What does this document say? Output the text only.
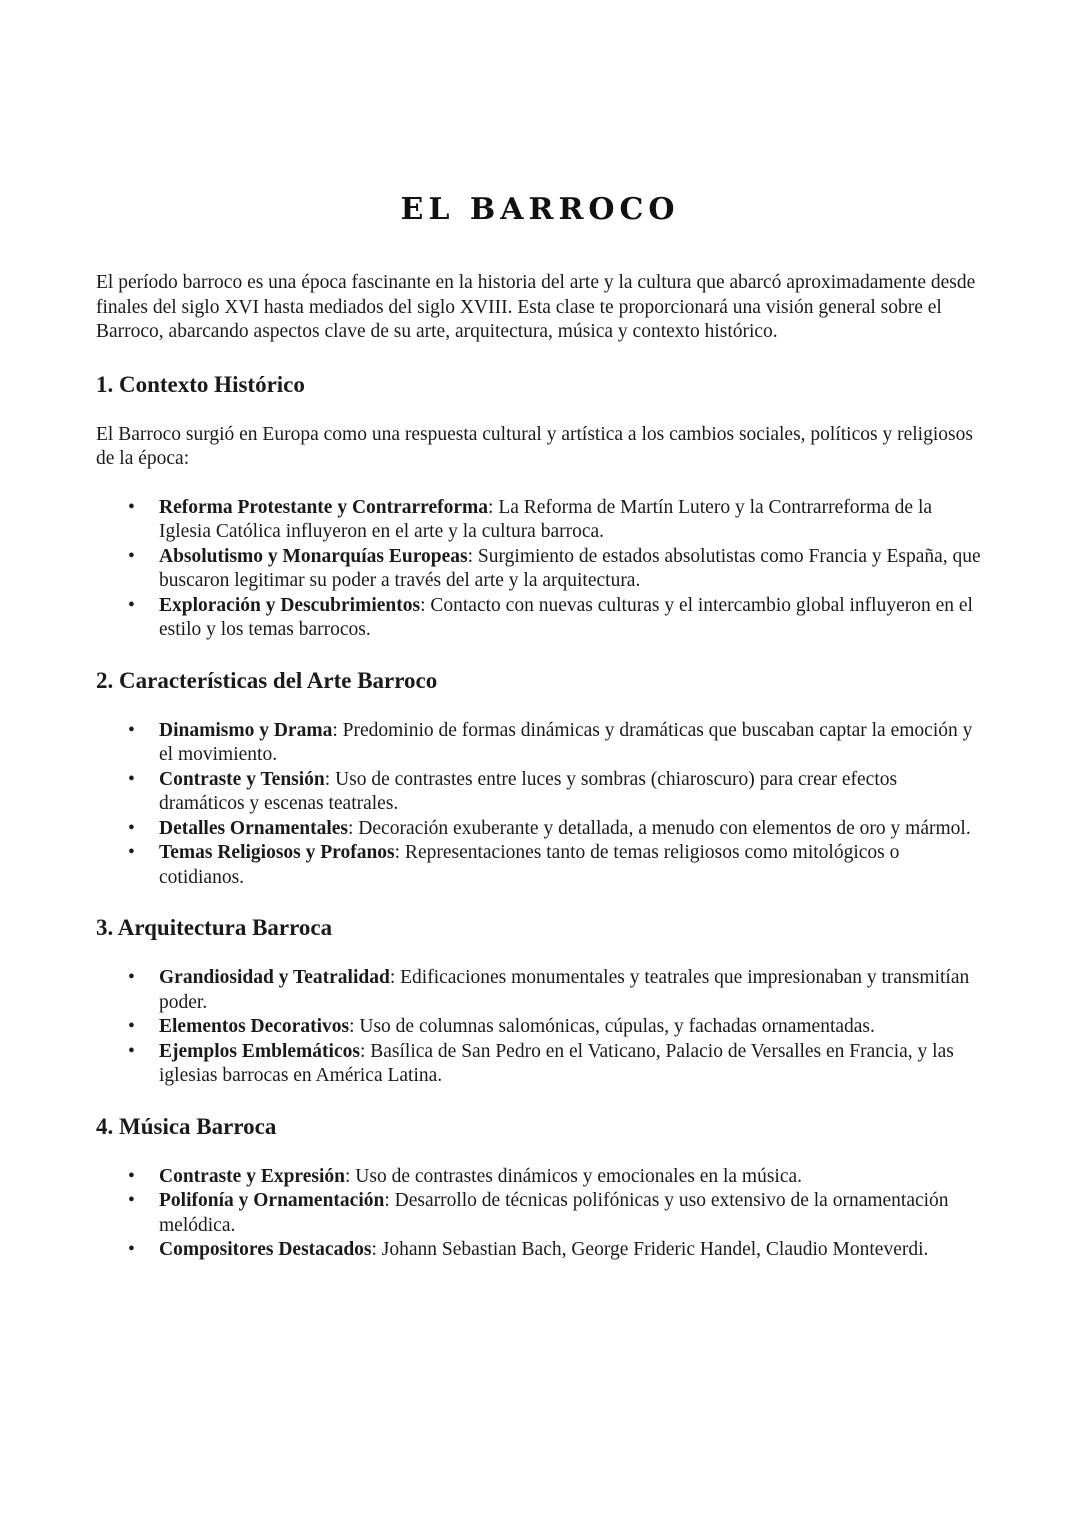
EL BARROCO

El período barroco es una época fascinante en la historia del arte y la cultura que abarcó aproximadamente desde finales del siglo XVI hasta mediados del siglo XVIII. Esta clase te proporcionará una visión general sobre el Barroco, abarcando aspectos clave de su arte, arquitectura, música y contexto histórico.

1. Contexto Histórico

El Barroco surgió en Europa como una respuesta cultural y artística a los cambios sociales, políticos y religiosos de la época:

• Reforma Protestante y Contrarreforma: La Reforma de Martín Lutero y la Contrarreforma de la Iglesia Católica influyeron en el arte y la cultura barroca.
• Absolutismo y Monarquías Europeas: Surgimiento de estados absolutistas como Francia y España, que buscaron legitimar su poder a través del arte y la arquitectura.
• Exploración y Descubrimientos: Contacto con nuevas culturas y el intercambio global influyeron en el estilo y los temas barrocos.
2. Características del Arte Barroco
• Dinamismo y Drama: Predominio de formas dinámicas y dramáticas que buscaban captar la emoción y el movimiento.
• Contraste y Tensión: Uso de contrastes entre luces y sombras (chiaroscuro) para crear efectos dramáticos y escenas teatrales.
• Detalles Ornamentales: Decoración exuberante y detallada, a menudo con elementos de oro y mármol.
• Temas Religiosos y Profanos: Representaciones tanto de temas religiosos como mitológicos o cotidianos.
3. Arquitectura Barroca
• Grandiosidad y Teatralidad: Edificaciones monumentales y teatrales que impresionaban y transmitían poder.
• Elementos Decorativos: Uso de columnas salomónicas, cúpulas, y fachadas ornamentadas.
• Ejemplos Emblemáticos: Basílica de San Pedro en el Vaticano, Palacio de Versalles en Francia, y las iglesias barrocas en América Latina.
4. Música Barroca
• Contraste y Expresión: Uso de contrastes dinámicos y emocionales en la música.
• Polifonía y Ornamentación: Desarrollo de técnicas polifónicas y uso extensivo de la ornamentación melódica.
• Compositores Destacados: Johann Sebastian Bach, George Frideric Handel, Claudio Monteverdi.
